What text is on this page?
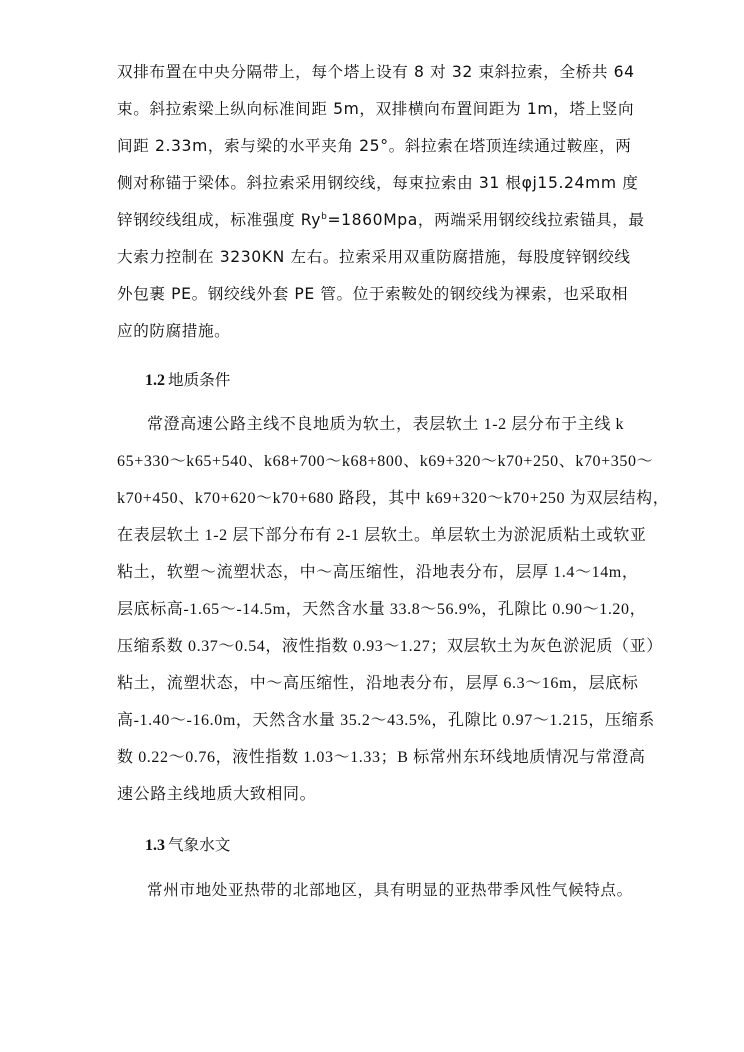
双排布置在中央分隔带上，每个塔上设有 8 对 32 束斜拉索，全桥共 64
束。斜拉索梁上纵向标准间距 5m，双排横向布置间距为 1m，塔上竖向
间距 2.33m，索与梁的水平夹角 25°。斜拉索在塔顶连续通过鞍座，两
侧对称锚于梁体。斜拉索采用钢绞线，每束拉索由 31 根φj15.24mm 度
锌钢绞线组成，标准强度 $Ry^b=1860Mpa$，两端采用钢绞线拉索锚具，最
大索力控制在 3230KN 左右。拉索采用双重防腐措施，每股度锌钢绞线
外包裹 PE。钢绞线外套 PE 管。位于索鞍处的钢绞线为裸索，也采取相
应的防腐措施。
1.2 地质条件
常澄高速公路主线不良地质为软土，表层软土 1-2 层分布于主线 k
65+330～k65+540、k68+700～k68+800、k69+320～k70+250、k70+350～
k70+450、k70+620～k70+680 路段，其中 k69+320～k70+250 为双层结构，
在表层软土 1-2 层下部分布有 2-1 层软土。单层软土为淤泥质粘土或软亚
粘土，软塑～流塑状态，中～高压缩性，沿地表分布，层厚 1.4～14m，
层底标高-1.65～-14.5m，天然含水量 33.8～56.9%，孔隙比 0.90～1.20，
压缩系数 0.37～0.54，液性指数 0.93～1.27；双层软土为灰色淤泥质（亚）
粘土，流塑状态，中～高压缩性，沿地表分布，层厚 6.3～16m，层底标
高-1.40～-16.0m，天然含水量 35.2～43.5%，孔隙比 0.97～1.215，压缩系
数 0.22～0.76，液性指数 1.03～1.33；B 标常州东环线地质情况与常澄高
速公路主线地质大致相同。
1.3 气象水文
常州市地处亚热带的北部地区，具有明显的亚热带季风性气候特点。
